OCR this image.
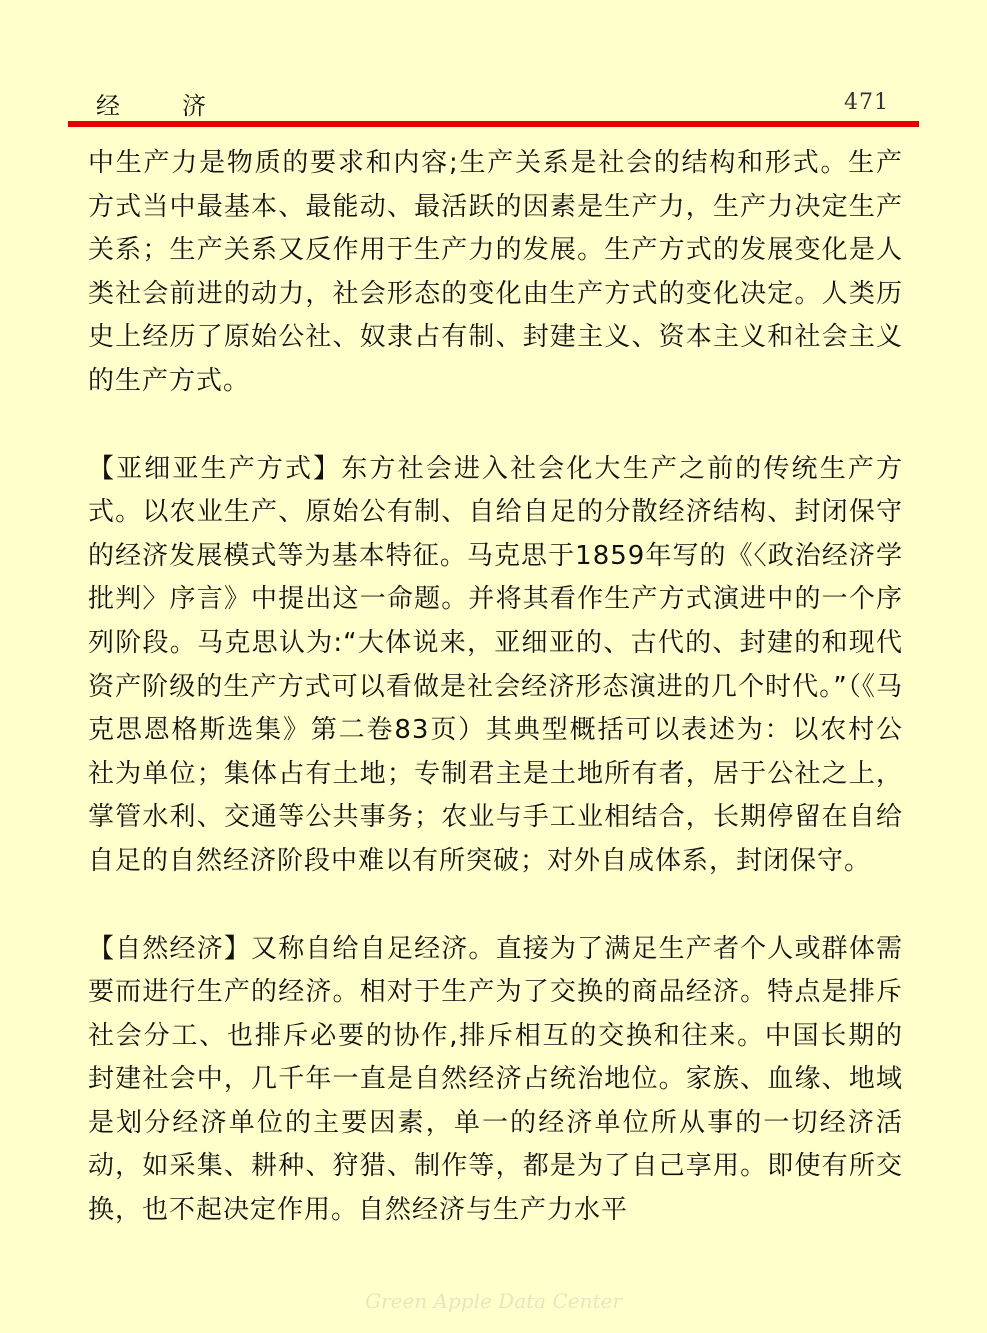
经济	471

中生产力是物质的要求和内容;生产关系是社会的结构和形式。生产方式当中最基本、最能动、最活跃的因素是生产力，生产力决定生产关系；生产关系又反作用于生产力的发展。生产方式的发展变化是人类社会前进的动力，社会形态的变化由生产方式的变化决定。人类历史上经历了原始公社、奴隶占有制、封建主义、资本主义和社会主义的生产方式。

【亚细亚生产方式】东方社会进入社会化大生产之前的传统生产方式。以农业生产、原始公有制、自给自足的分散经济结构、封闭保守的经济发展模式等为基本特征。马克思于1859年写的《〈政治经济学批判〉序言》中提出这一命题。并将其看作生产方式演进中的一个序列阶段。马克思认为:“大体说来，亚细亚的、古代的、封建的和现代资产阶级的生产方式可以看做是社会经济形态演进的几个时代。”（《马克思恩格斯选集》第二卷83页）其典型概括可以表述为：以农村公社为单位；集体占有土地；专制君主是土地所有者，居于公社之上，掌管水利、交通等公共事务；农业与手工业相结合，长期停留在自给自足的自然经济阶段中难以有所突破；对外自成体系，封闭保守。

【自然经济】又称自给自足经济。直接为了满足生产者个人或群体需要而进行生产的经济。相对于生产为了交换的商品经济。特点是排斥社会分工、也排斥必要的协作,排斥相互的交换和往来。中国长期的封建社会中，几千年一直是自然经济占统治地位。家族、血缘、地域是划分经济单位的主要因素，单一的经济单位所从事的一切经济活动，如采集、耕种、狩猎、制作等，都是为了自己享用。即使有所交换，也不起决定作用。自然经济与生产力水平

Green Apple Data Center
